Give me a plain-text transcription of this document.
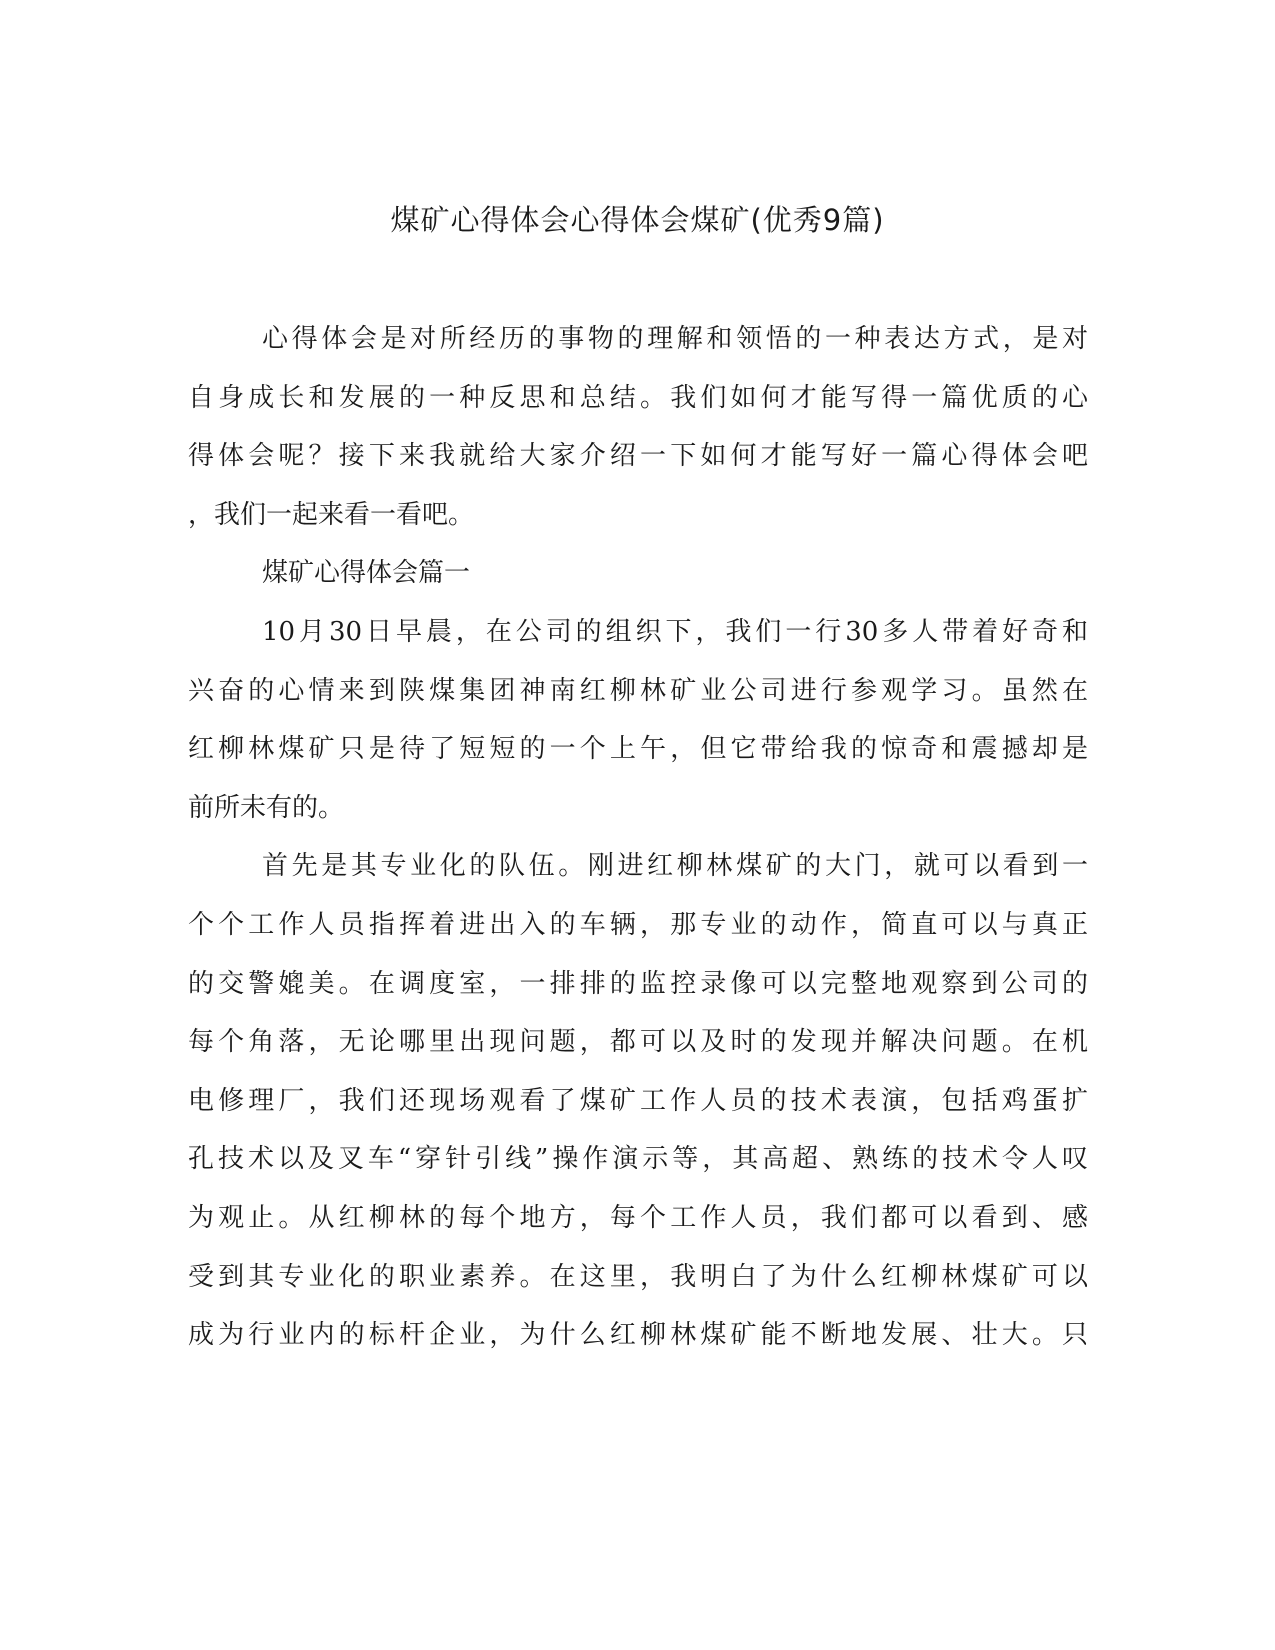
煤矿心得体会心得体会煤矿(优秀9篇)
心得体会是对所经历的事物的理解和领悟的一种表达方式，是对
自身成长和发展的一种反思和总结。我们如何才能写得一篇优质的心
得体会呢？接下来我就给大家介绍一下如何才能写好一篇心得体会吧
，我们一起来看一看吧。
煤矿心得体会篇一
10月30日早晨，在公司的组织下，我们一行30多人带着好奇和
兴奋的心情来到陕煤集团神南红柳林矿业公司进行参观学习。虽然在
红柳林煤矿只是待了短短的一个上午，但它带给我的惊奇和震撼却是
前所未有的。
首先是其专业化的队伍。刚进红柳林煤矿的大门，就可以看到一
个个工作人员指挥着进出入的车辆，那专业的动作，简直可以与真正
的交警媲美。在调度室，一排排的监控录像可以完整地观察到公司的
每个角落，无论哪里出现问题，都可以及时的发现并解决问题。在机
电修理厂，我们还现场观看了煤矿工作人员的技术表演，包括鸡蛋扩
孔技术以及叉车“穿针引线”操作演示等，其高超、熟练的技术令人叹
为观止。从红柳林的每个地方，每个工作人员，我们都可以看到、感
受到其专业化的职业素养。在这里，我明白了为什么红柳林煤矿可以
成为行业内的标杆企业，为什么红柳林煤矿能不断地发展、壮大。只
